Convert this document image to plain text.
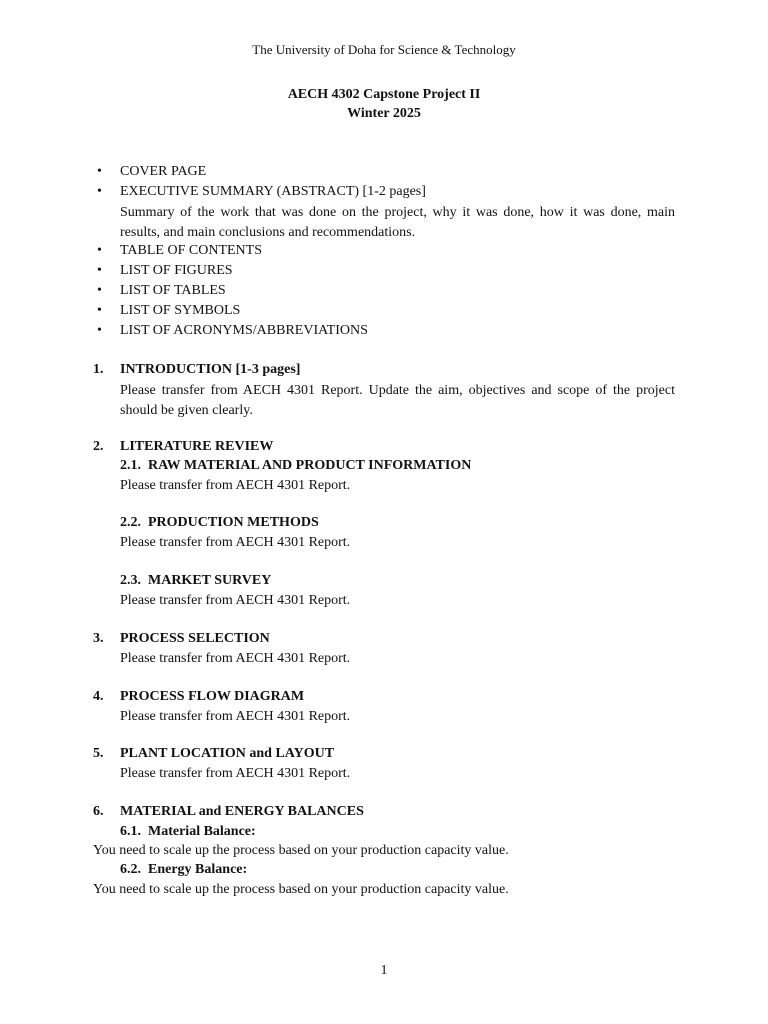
The University of Doha for Science & Technology
AECH 4302 Capstone Project II
Winter 2025
• COVER PAGE
• EXECUTIVE SUMMARY (ABSTRACT) [1-2 pages]
Summary of the work that was done on the project, why it was done, how it was done, main results, and main conclusions and recommendations.
• TABLE OF CONTENTS
• LIST OF FIGURES
• LIST OF TABLES
• LIST OF SYMBOLS
• LIST OF ACRONYMS/ABBREVIATIONS
1. INTRODUCTION [1-3 pages]
Please transfer from AECH 4301 Report. Update the aim, objectives and scope of the project should be given clearly.
2. LITERATURE REVIEW
2.1. RAW MATERIAL AND PRODUCT INFORMATION
Please transfer from AECH 4301 Report.
2.2. PRODUCTION METHODS
Please transfer from AECH 4301 Report.
2.3. MARKET SURVEY
Please transfer from AECH 4301 Report.
3. PROCESS SELECTION
Please transfer from AECH 4301 Report.
4. PROCESS FLOW DIAGRAM
Please transfer from AECH 4301 Report.
5. PLANT LOCATION and LAYOUT
Please transfer from AECH 4301 Report.
6. MATERIAL and ENERGY BALANCES
6.1. Material Balance:
You need to scale up the process based on your production capacity value.
6.2. Energy Balance:
You need to scale up the process based on your production capacity value.
1
